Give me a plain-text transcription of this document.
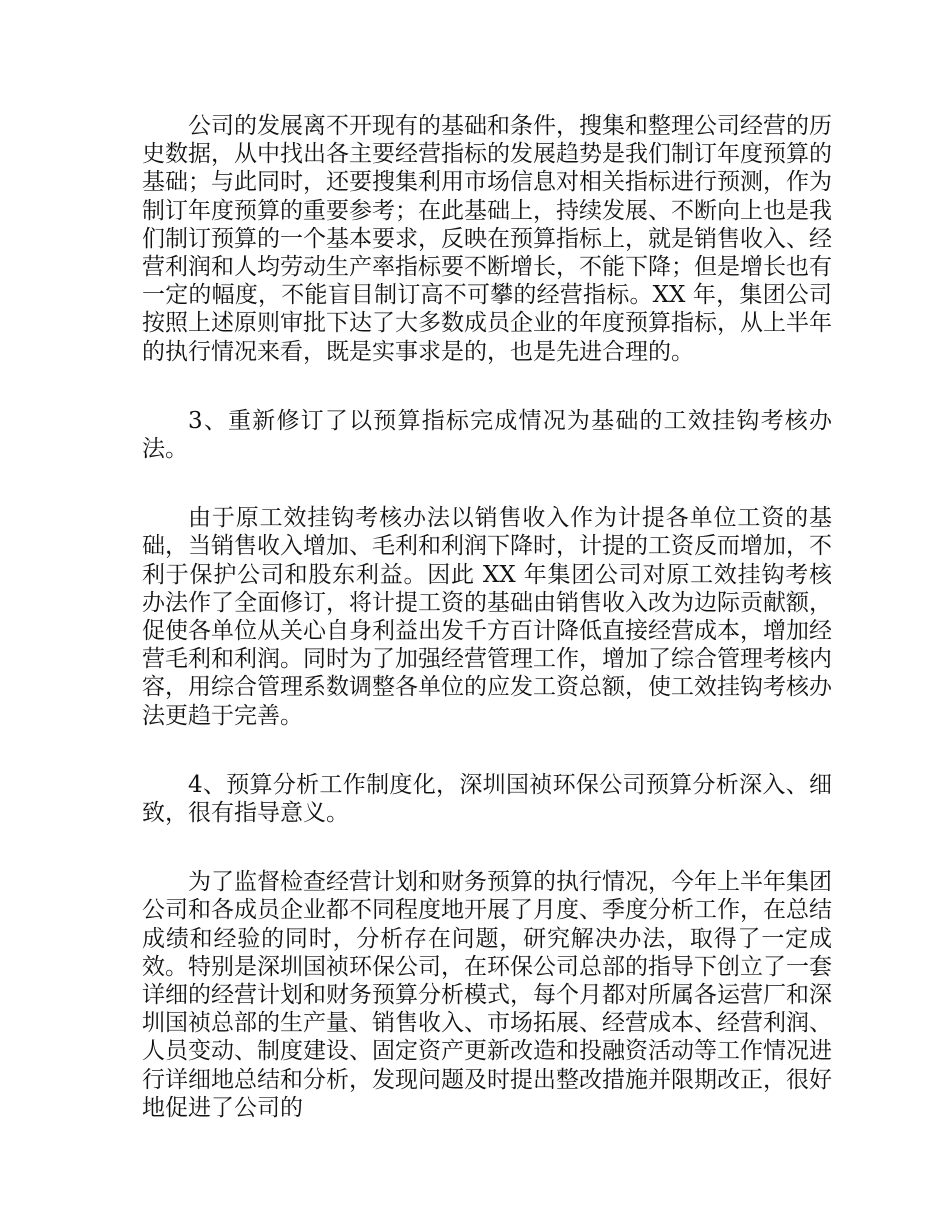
公司的发展离不开现有的基础和条件，搜集和整理公司经营的历史数据，从中找出各主要经营指标的发展趋势是我们制订年度预算的基础；与此同时，还要搜集利用市场信息对相关指标进行预测，作为制订年度预算的重要参考；在此基础上，持续发展、不断向上也是我们制订预算的一个基本要求，反映在预算指标上，就是销售收入、经营利润和人均劳动生产率指标要不断增长，不能下降；但是增长也有一定的幅度，不能盲目制订高不可攀的经营指标。XX 年，集团公司按照上述原则审批下达了大多数成员企业的年度预算指标，从上半年的执行情况来看，既是实事求是的，也是先进合理的。

3、重新修订了以预算指标完成情况为基础的工效挂钩考核办法。

由于原工效挂钩考核办法以销售收入作为计提各单位工资的基础，当销售收入增加、毛利和利润下降时，计提的工资反而增加，不利于保护公司和股东利益。因此 XX 年集团公司对原工效挂钩考核办法作了全面修订，将计提工资的基础由销售收入改为边际贡献额，促使各单位从关心自身利益出发千方百计降低直接经营成本，增加经营毛利和利润。同时为了加强经营管理工作，增加了综合管理考核内容，用综合管理系数调整各单位的应发工资总额，使工效挂钩考核办法更趋于完善。

4、预算分析工作制度化，深圳国祯环保公司预算分析深入、细致，很有指导意义。

为了监督检查经营计划和财务预算的执行情况，今年上半年集团公司和各成员企业都不同程度地开展了月度、季度分析工作，在总结成绩和经验的同时，分析存在问题，研究解决办法，取得了一定成效。特别是深圳国祯环保公司，在环保公司总部的指导下创立了一套详细的经营计划和财务预算分析模式，每个月都对所属各运营厂和深圳国祯总部的生产量、销售收入、市场拓展、经营成本、经营利润、人员变动、制度建设、固定资产更新改造和投融资活动等工作情况进行详细地总结和分析，发现问题及时提出整改措施并限期改正，很好地促进了公司的
